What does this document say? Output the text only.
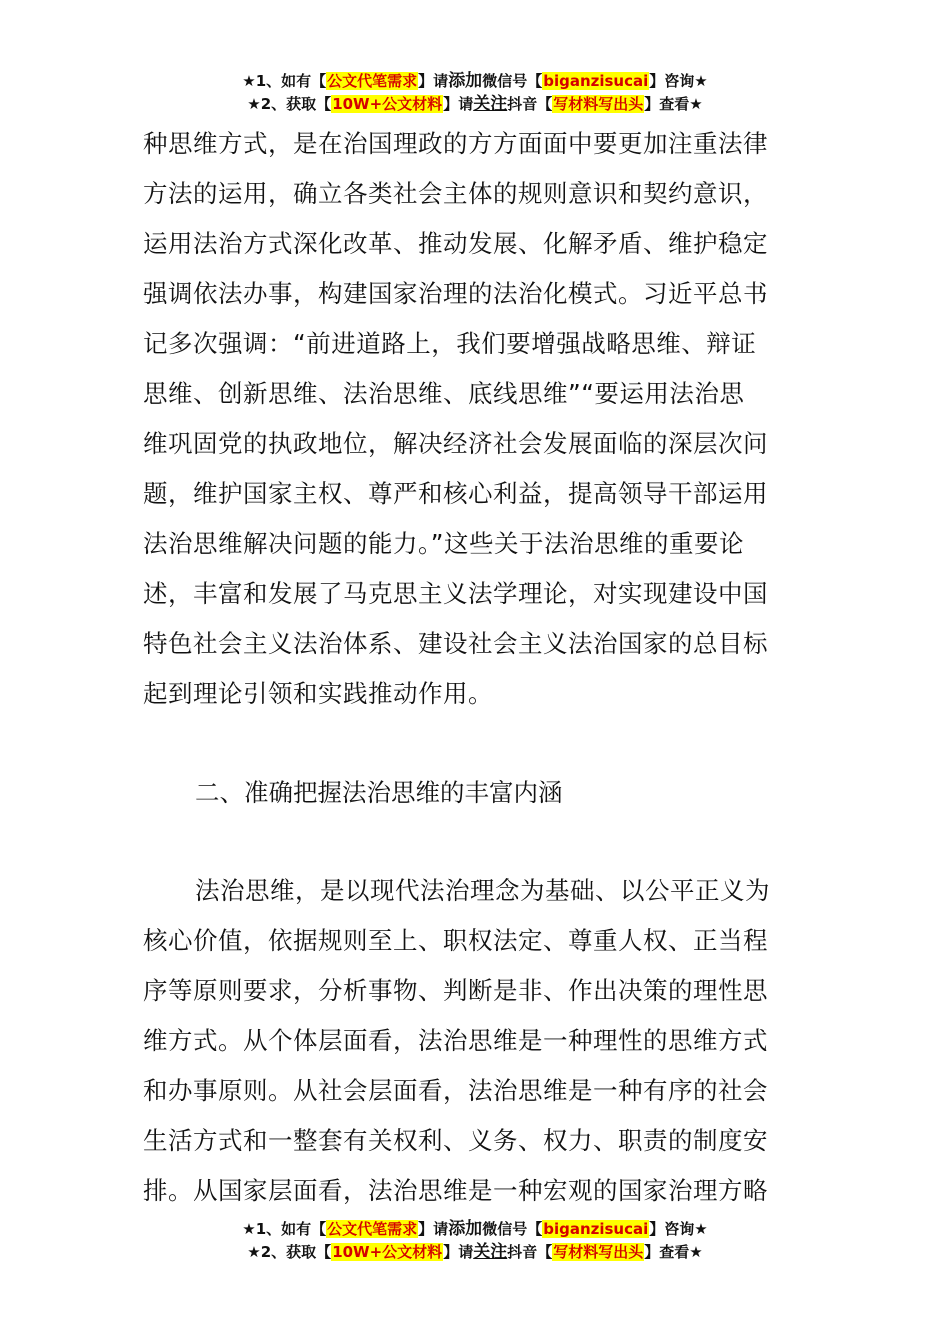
★1、如有【公文代笔需求】请添加微信号【biganzisucai】咨询★
★2、获取【10W+公文材料】请关注抖音【写材料写出头】查看★
种思维方式，是在治国理政的方方面面中要更加注重法律
方法的运用，确立各类社会主体的规则意识和契约意识，
运用法治方式深化改革、推动发展、化解矛盾、维护稳定
强调依法办事，构建国家治理的法治化模式。习近平总书
记多次强调：“前进道路上，我们要增强战略思维、辩证
思维、创新思维、法治思维、底线思维”“要运用法治思
维巩固党的执政地位，解决经济社会发展面临的深层次问
题，维护国家主权、尊严和核心利益，提高领导干部运用
法治思维解决问题的能力。”这些关于法治思维的重要论
述，丰富和发展了马克思主义法学理论，对实现建设中国
特色社会主义法治体系、建设社会主义法治国家的总目标
起到理论引领和实践推动作用。
二、准确把握法治思维的丰富内涵
法治思维，是以现代法治理念为基础、以公平正义为
核心价值，依据规则至上、职权法定、尊重人权、正当程
序等原则要求，分析事物、判断是非、作出决策的理性思
维方式。从个体层面看，法治思维是一种理性的思维方式
和办事原则。从社会层面看，法治思维是一种有序的社会
生活方式和一整套有关权利、义务、权力、职责的制度安
排。从国家层面看，法治思维是一种宏观的国家治理方略
★1、如有【公文代笔需求】请添加微信号【biganzisucai】咨询★
★2、获取【10W+公文材料】请关注抖音【写材料写出头】查看★
